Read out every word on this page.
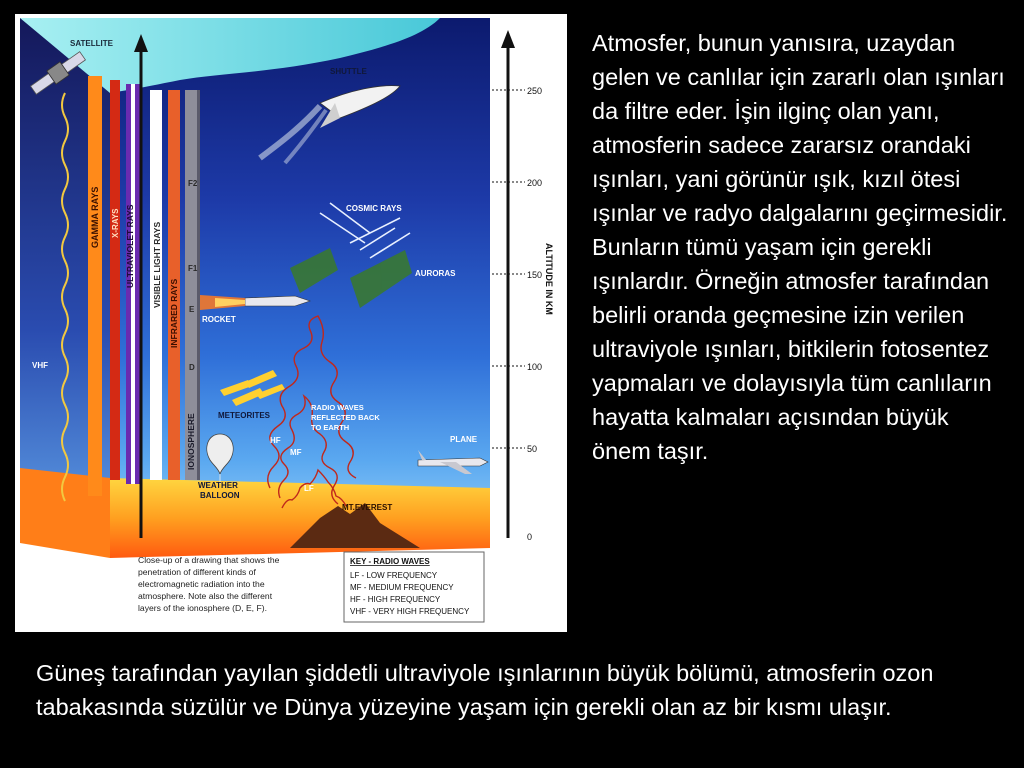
GAMMA RAYS X-RAYS ULTRAVIOLET RAYS VISIBLE LIGHT RAYS
INFRARED RAYS
IONOSPHERE
F2
F1
E
D
SATELLITE
SHUTTLE
COSMIC RAYS
AURORAS
ROCKET
METEORITES
RADIO WAVES
REFLECTED BACK
TO EARTH
HF
MF
LF
VHF
WEATHER
BALLOON
PLANE
MT.EVEREST
250
200
150
100
50
0
ALTITUDE IN KM
Close-up of a drawing that shows the
penetration of different kinds of
electromagnetic radiation into the
atmosphere. Note also the different
layers of the ionosphere (D, E, F).
KEY - RADIO WAVES
LF - LOW FREQUENCY
MF - MEDIUM FREQUENCY
HF - HIGH FREQUENCY
VHF - VERY HIGH FREQUENCY

Atmosfer, bunun yanısıra, uzaydan gelen ve canlılar için zararlı olan ışınları da filtre eder. İşin ilginç olan yanı, atmosferin sadece zararsız orandaki ışınları, yani görünür ışık, kızıl ötesi ışınlar ve radyo dalgalarını geçirmesidir. Bunların tümü yaşam için gerekli ışınlardır. Örneğin atmosfer tarafından belirli oranda geçmesine izin verilen ultraviyole ışınları, bitkilerin fotosentez yapmaları ve dolayısıyla tüm canlıların hayatta kalmaları açısından büyük önem taşır.

Güneş tarafından yayılan şiddetli ultraviyole ışınlarının büyük bölümü, atmosferin ozon tabakasında süzülür ve Dünya yüzeyine yaşam için gerekli olan az bir kısmı ulaşır.
